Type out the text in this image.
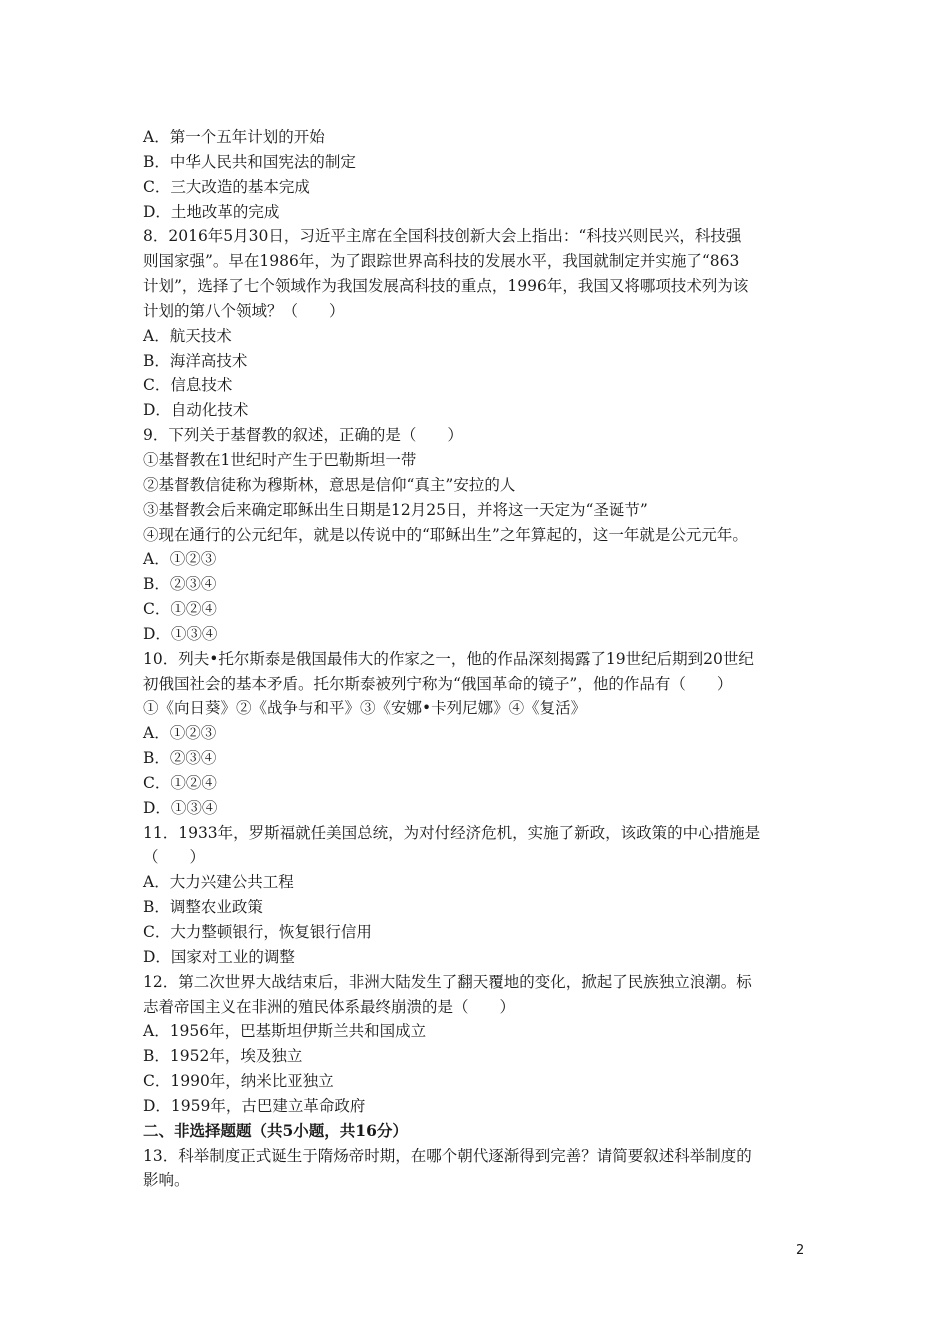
A．第一个五年计划的开始
B．中华人民共和国宪法的制定
C．三大改造的基本完成
D．土地改革的完成
8．2016年5月30日，习近平主席在全国科技创新大会上指出：“科技兴则民兴，科技强
则国家强”。早在1986年，为了跟踪世界高科技的发展水平，我国就制定并实施了“863
计划”，选择了七个领域作为我国发展高科技的重点，1996年，我国又将哪项技术列为该
计划的第八个领域？（　　）
A．航天技术
B．海洋高技术
C．信息技术
D．自动化技术
9．下列关于基督教的叙述，正确的是（　　）
①基督教在1世纪时产生于巴勒斯坦一带
②基督教信徒称为穆斯林，意思是信仰“真主”安拉的人
③基督教会后来确定耶稣出生日期是12月25日，并将这一天定为“圣诞节”
④现在通行的公元纪年，就是以传说中的“耶稣出生”之年算起的，这一年就是公元元年。
A．①②③
B．②③④
C．①②④
D．①③④
10．列夫•托尔斯泰是俄国最伟大的作家之一，他的作品深刻揭露了19世纪后期到20世纪
初俄国社会的基本矛盾。托尔斯泰被列宁称为“俄国革命的镜子”，他的作品有（　　）
①《向日葵》②《战争与和平》③《安娜•卡列尼娜》④《复活》
A．①②③
B．②③④
C．①②④
D．①③④
11．1933年，罗斯福就任美国总统，为对付经济危机，实施了新政，该政策的中心措施是
（　　）
A．大力兴建公共工程
B．调整农业政策
C．大力整顿银行，恢复银行信用
D．国家对工业的调整
12．第二次世界大战结束后，非洲大陆发生了翻天覆地的变化，掀起了民族独立浪潮。标
志着帝国主义在非洲的殖民体系最终崩溃的是（　　）
A．1956年，巴基斯坦伊斯兰共和国成立
B．1952年，埃及独立
C．1990年，纳米比亚独立
D．1959年，古巴建立革命政府
二、非选择题题（共5小题，共16分）
13．科举制度正式诞生于隋炀帝时期，在哪个朝代逐渐得到完善？请简要叙述科举制度的
影响。
2
